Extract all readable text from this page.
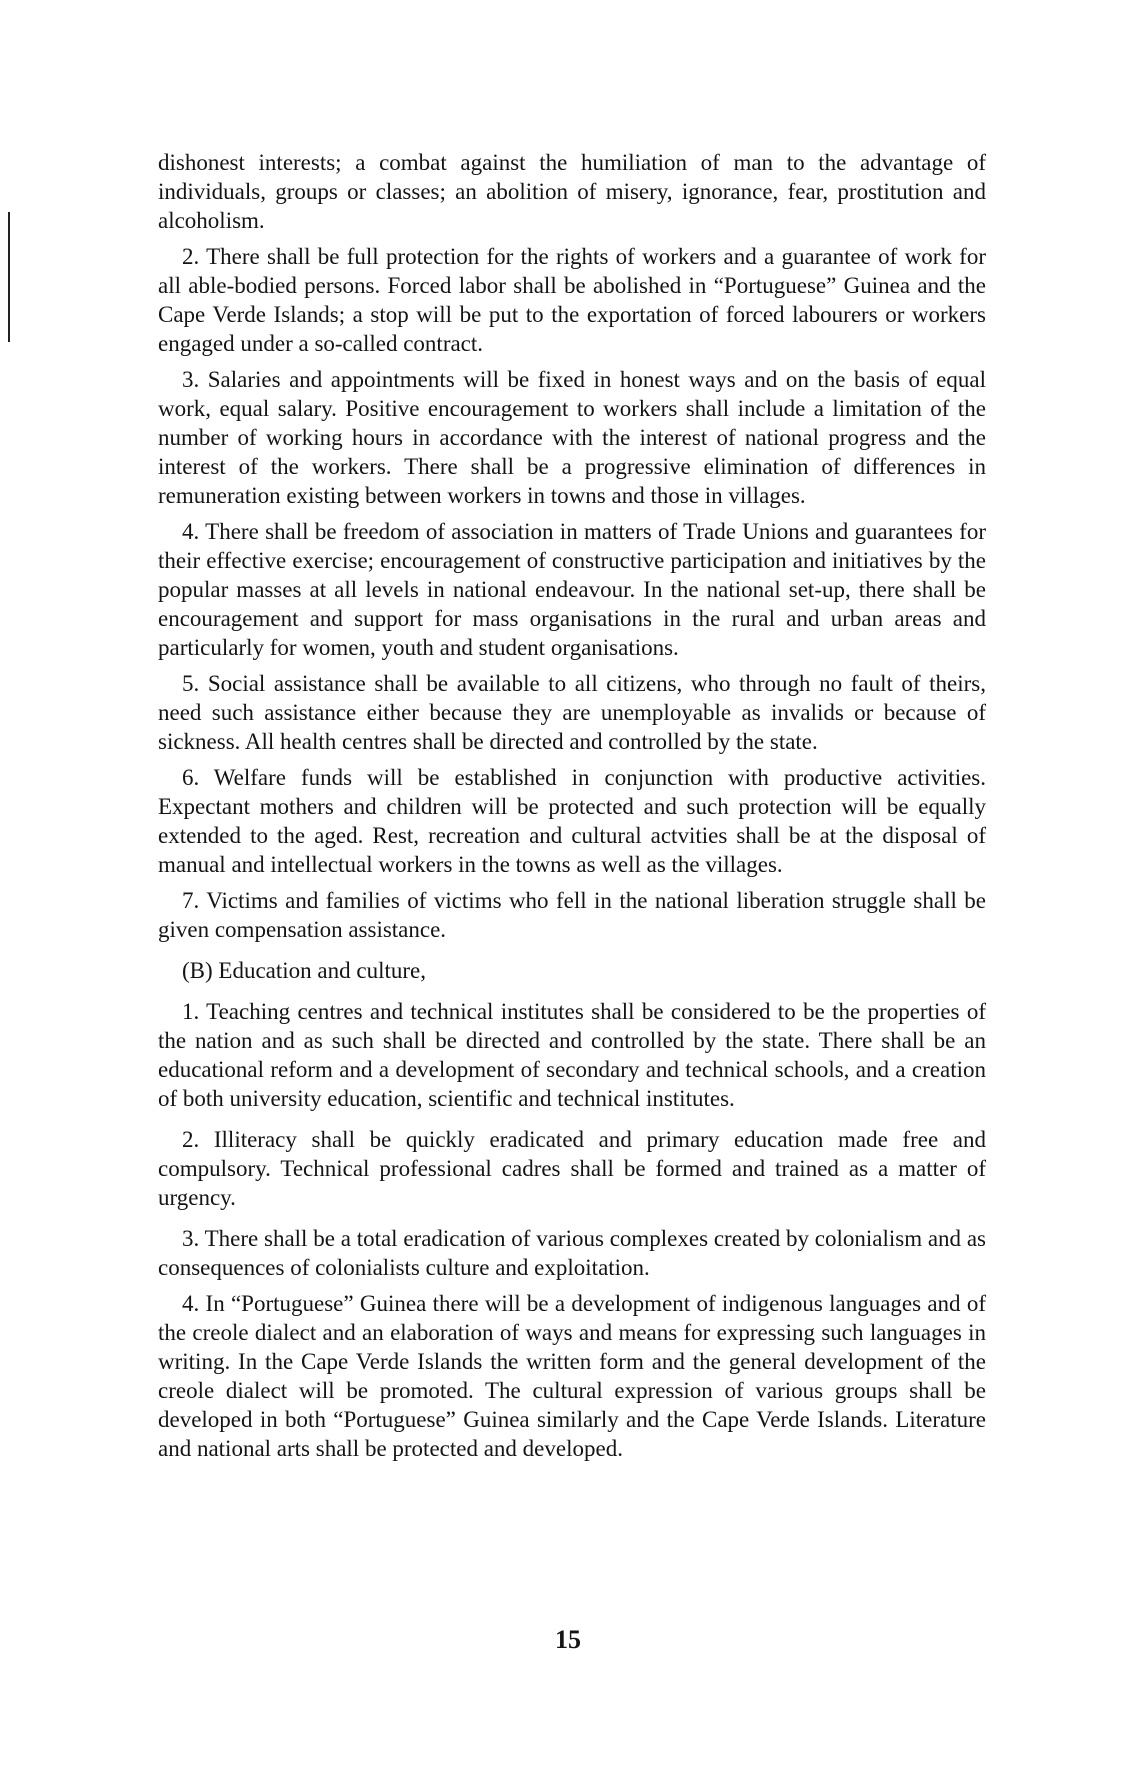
dishonest interests; a combat against the humiliation of man to the advantage of individuals, groups or classes; an abolition of misery, ignorance, fear, prostitution and alcoholism.

2. There shall be full protection for the rights of workers and a guarantee of work for all able-bodied persons. Forced labor shall be abolished in “Portuguese” Guinea and the Cape Verde Islands; a stop will be put to the exportation of forced labourers or workers engaged under a so-called contract.

3. Salaries and appointments will be fixed in honest ways and on the basis of equal work, equal salary. Positive encouragement to workers shall include a limitation of the number of working hours in accordance with the interest of national progress and the interest of the workers. There shall be a progressive elimination of differences in remuneration existing between workers in towns and those in villages.

4. There shall be freedom of association in matters of Trade Unions and guarantees for their effective exercise; encouragement of constructive participation and initiatives by the popular masses at all levels in national endeavour. In the national set-up, there shall be encouragement and support for mass organisations in the rural and urban areas and particularly for women, youth and student organisations.

5. Social assistance shall be available to all citizens, who through no fault of theirs, need such assistance either because they are unemployable as invalids or because of sickness. All health centres shall be directed and controlled by the state.

6. Welfare funds will be established in conjunction with productive activities. Expectant mothers and children will be protected and such protection will be equally extended to the aged. Rest, recreation and cultural actvities shall be at the disposal of manual and intellectual workers in the towns as well as the villages.

7. Victims and families of victims who fell in the national liberation struggle shall be given compensation assistance.

(B) Education and culture,

1. Teaching centres and technical institutes shall be considered to be the properties of the nation and as such shall be directed and controlled by the state. There shall be an educational reform and a development of secondary and technical schools, and a creation of both university education, scientific and technical institutes.

2. Illiteracy shall be quickly eradicated and primary education made free and compulsory. Technical professional cadres shall be formed and trained as a matter of urgency.

3. There shall be a total eradication of various complexes created by colonialism and as consequences of colonialists culture and exploitation.

4. In “Portuguese” Guinea there will be a development of indigenous languages and of the creole dialect and an elaboration of ways and means for expressing such languages in writing. In the Cape Verde Islands the written form and the general development of the creole dialect will be promoted. The cultural expression of various groups shall be developed in both “Portuguese” Guinea similarly and the Cape Verde Islands. Literature and national arts shall be protected and developed.

15
